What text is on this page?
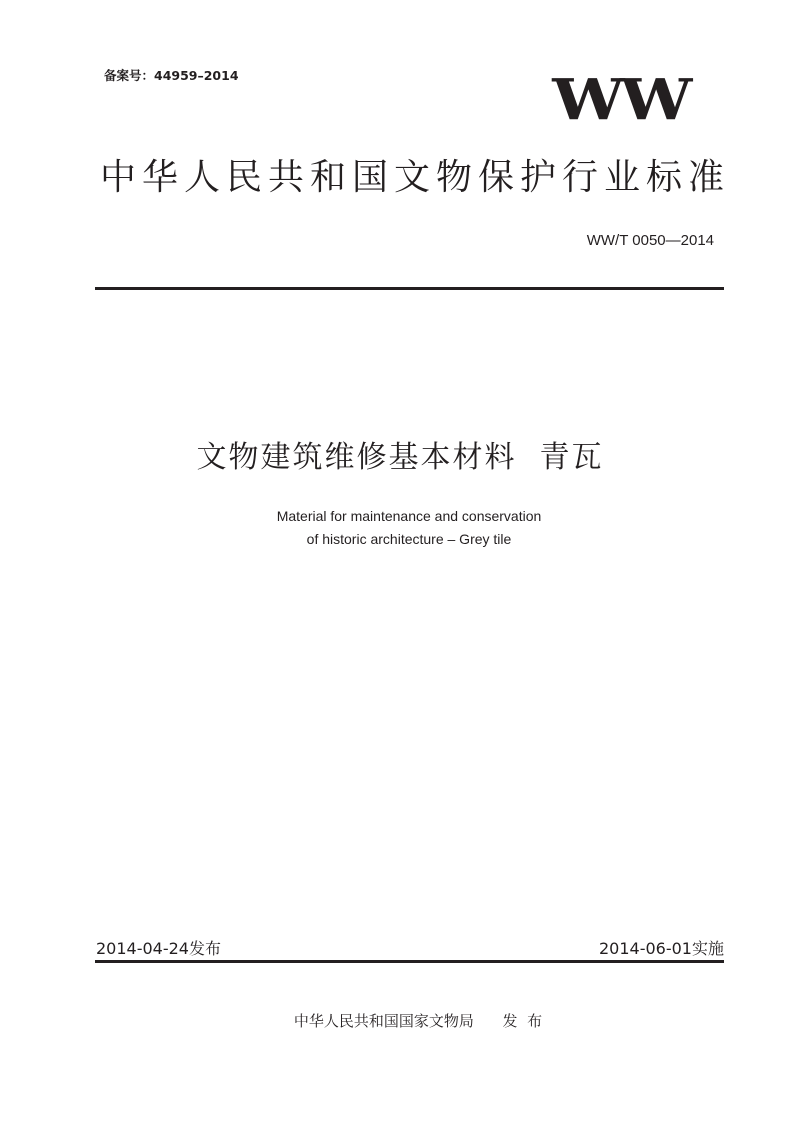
备案号：44959–2014	WW
中华人民共和国文物保护行业标准
WW/T 0050—2014
文物建筑维修基本材料  青瓦
Material for maintenance and conservation
of historic architecture – Grey tile
2014-04-24发布	2014-06-01实施
中华人民共和国国家文物局      发  布
